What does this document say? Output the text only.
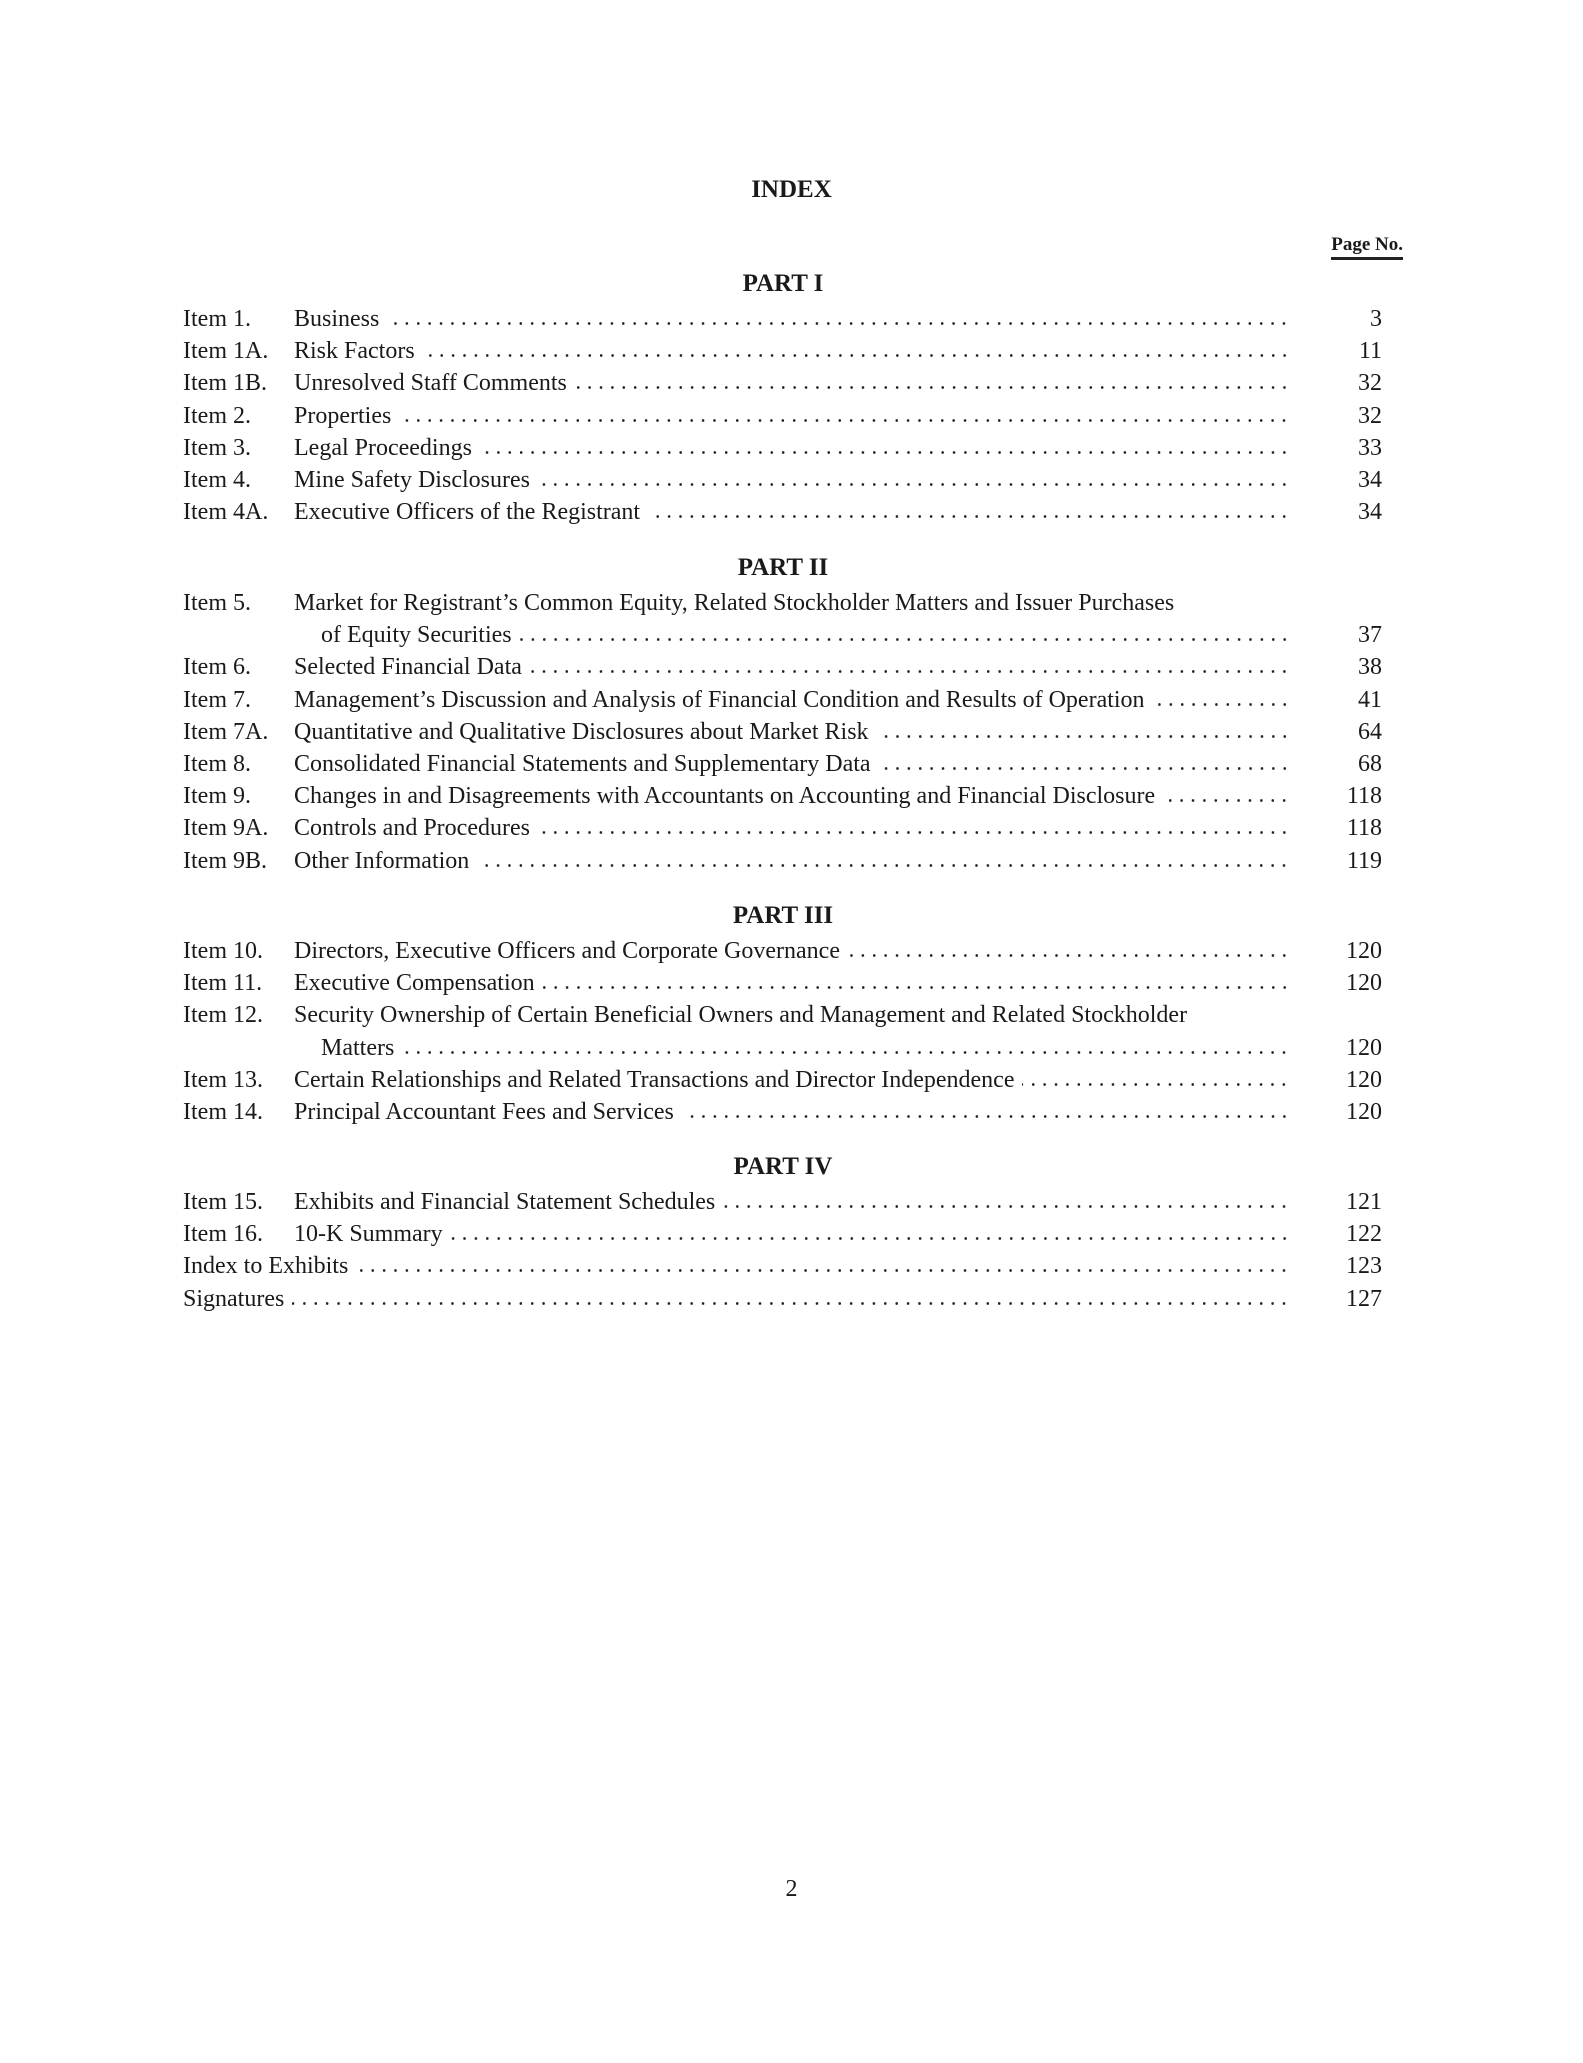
INDEX
Page No.
PART I
Item 1.	Business	3
Item 1A.	Risk Factors	11
Item 1B.	Unresolved Staff Comments	32
Item 2.	Properties	32
Item 3.	Legal Proceedings	33
Item 4.	Mine Safety Disclosures	34
Item 4A.	Executive Officers of the Registrant	34
PART II
Item 5.	Market for Registrant’s Common Equity, Related Stockholder Matters and Issuer Purchases
of Equity Securities	37
Item 6.	Selected Financial Data	38
Item 7.	Management’s Discussion and Analysis of Financial Condition and Results of Operation	41
Item 7A.	Quantitative and Qualitative Disclosures about Market Risk	64
Item 8.	Consolidated Financial Statements and Supplementary Data	68
Item 9.	Changes in and Disagreements with Accountants on Accounting and Financial Disclosure	118
Item 9A.	Controls and Procedures	118
Item 9B.	Other Information	119
PART III
Item 10.	Directors, Executive Officers and Corporate Governance	120
Item 11.	Executive Compensation	120
Item 12.	Security Ownership of Certain Beneficial Owners and Management and Related Stockholder
Matters	120
Item 13.	Certain Relationships and Related Transactions and Director Independence	120
Item 14.	Principal Accountant Fees and Services	120
PART IV
Item 15.	Exhibits and Financial Statement Schedules	121
Item 16.	10-K Summary	122
Index to Exhibits	123
Signatures	127
2
